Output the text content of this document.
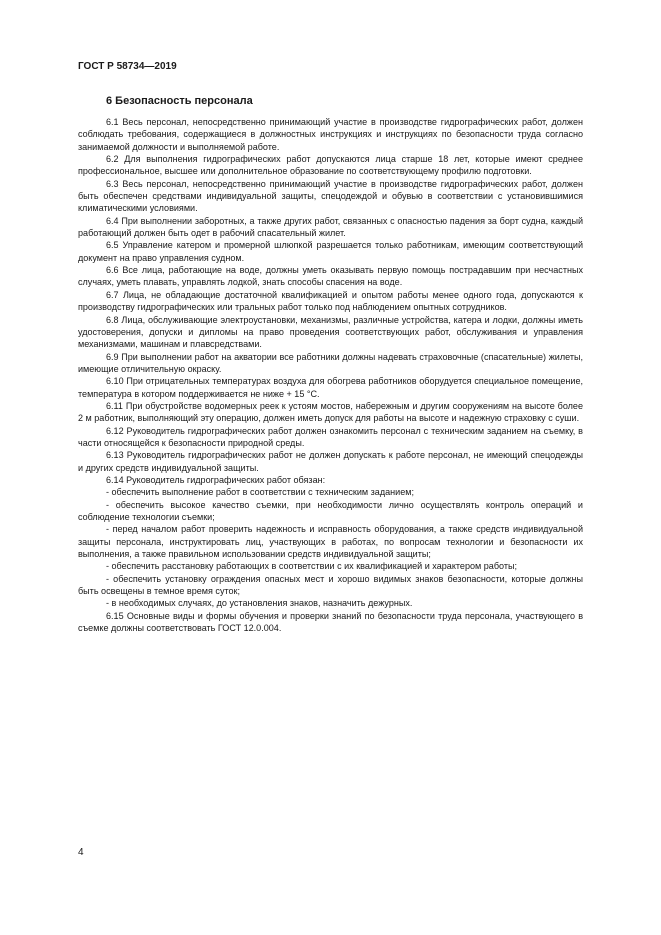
ГОСТ Р 58734—2019
6 Безопасность персонала

6.1 Весь персонал, непосредственно принимающий участие в производстве гидрографических работ, должен соблюдать требования, содержащиеся в должностных инструкциях и инструкциях по безопасности труда согласно занимаемой должности и выполняемой работе.

6.2 Для выполнения гидрографических работ допускаются лица старше 18 лет, которые имеют среднее профессиональное, высшее или дополнительное образование по соответствующему профилю подготовки.

6.3 Весь персонал, непосредственно принимающий участие в производстве гидрографических работ, должен быть обеспечен средствами индивидуальной защиты, спецодеждой и обувью в соответствии с установившимися климатическими условиями.

6.4 При выполнении заборотных, а также других работ, связанных с опасностью падения за борт судна, каждый работающий должен быть одет в рабочий спасательный жилет.

6.5 Управление катером и промерной шлюпкой разрешается только работникам, имеющим соответствующий документ на право управления судном.

6.6 Все лица, работающие на воде, должны уметь оказывать первую помощь пострадавшим при несчастных случаях, уметь плавать, управлять лодкой, знать способы спасения на воде.

6.7 Лица, не обладающие достаточной квалификацией и опытом работы менее одного года, допускаются к производству гидрографических или тральных работ только под наблюдением опытных сотрудников.

6.8 Лица, обслуживающие электроустановки, механизмы, различные устройства, катера и лодки, должны иметь удостоверения, допуски и дипломы на право проведения соответствующих работ, обслуживания и управления механизмами, машинам и плавсредствами.

6.9 При выполнении работ на акватории все работники должны надевать страховочные (спасательные) жилеты, имеющие отличительную окраску.

6.10 При отрицательных температурах воздуха для обогрева работников оборудуется специальное помещение, температура в котором поддерживается не ниже + 15 °С.

6.11 При обустройстве водомерных реек к устоям мостов, набережным и другим сооружениям на высоте более 2 м работник, выполняющий эту операцию, должен иметь допуск для работы на высоте и надежную страховку с суши.

6.12 Руководитель гидрографических работ должен ознакомить персонал с техническим заданием на съемку, в части относящейся к безопасности природной среды.

6.13 Руководитель гидрографических работ не должен допускать к работе персонал, не имеющий спецодежды и других средств индивидуальной защиты.

6.14 Руководитель гидрографических работ обязан:

- обеспечить выполнение работ в соответствии с техническим заданием;

- обеспечить высокое качество съемки, при необходимости лично осуществлять контроль операций и соблюдение технологии съемки;

- перед началом работ проверить надежность и исправность оборудования, а также средств индивидуальной защиты персонала, инструктировать лиц, участвующих в работах, по вопросам технологии и безопасности их выполнения, а также правильном использовании средств индивидуальной защиты;

- обеспечить расстановку работающих в соответствии с их квалификацией и характером работы;

- обеспечить установку ограждения опасных мест и хорошо видимых знаков безопасности, которые должны быть освещены в темное время суток;

- в необходимых случаях, до установления знаков, назначить дежурных.

6.15 Основные виды и формы обучения и проверки знаний по безопасности труда персонала, участвующего в съемке должны соответствовать ГОСТ 12.0.004.

4
